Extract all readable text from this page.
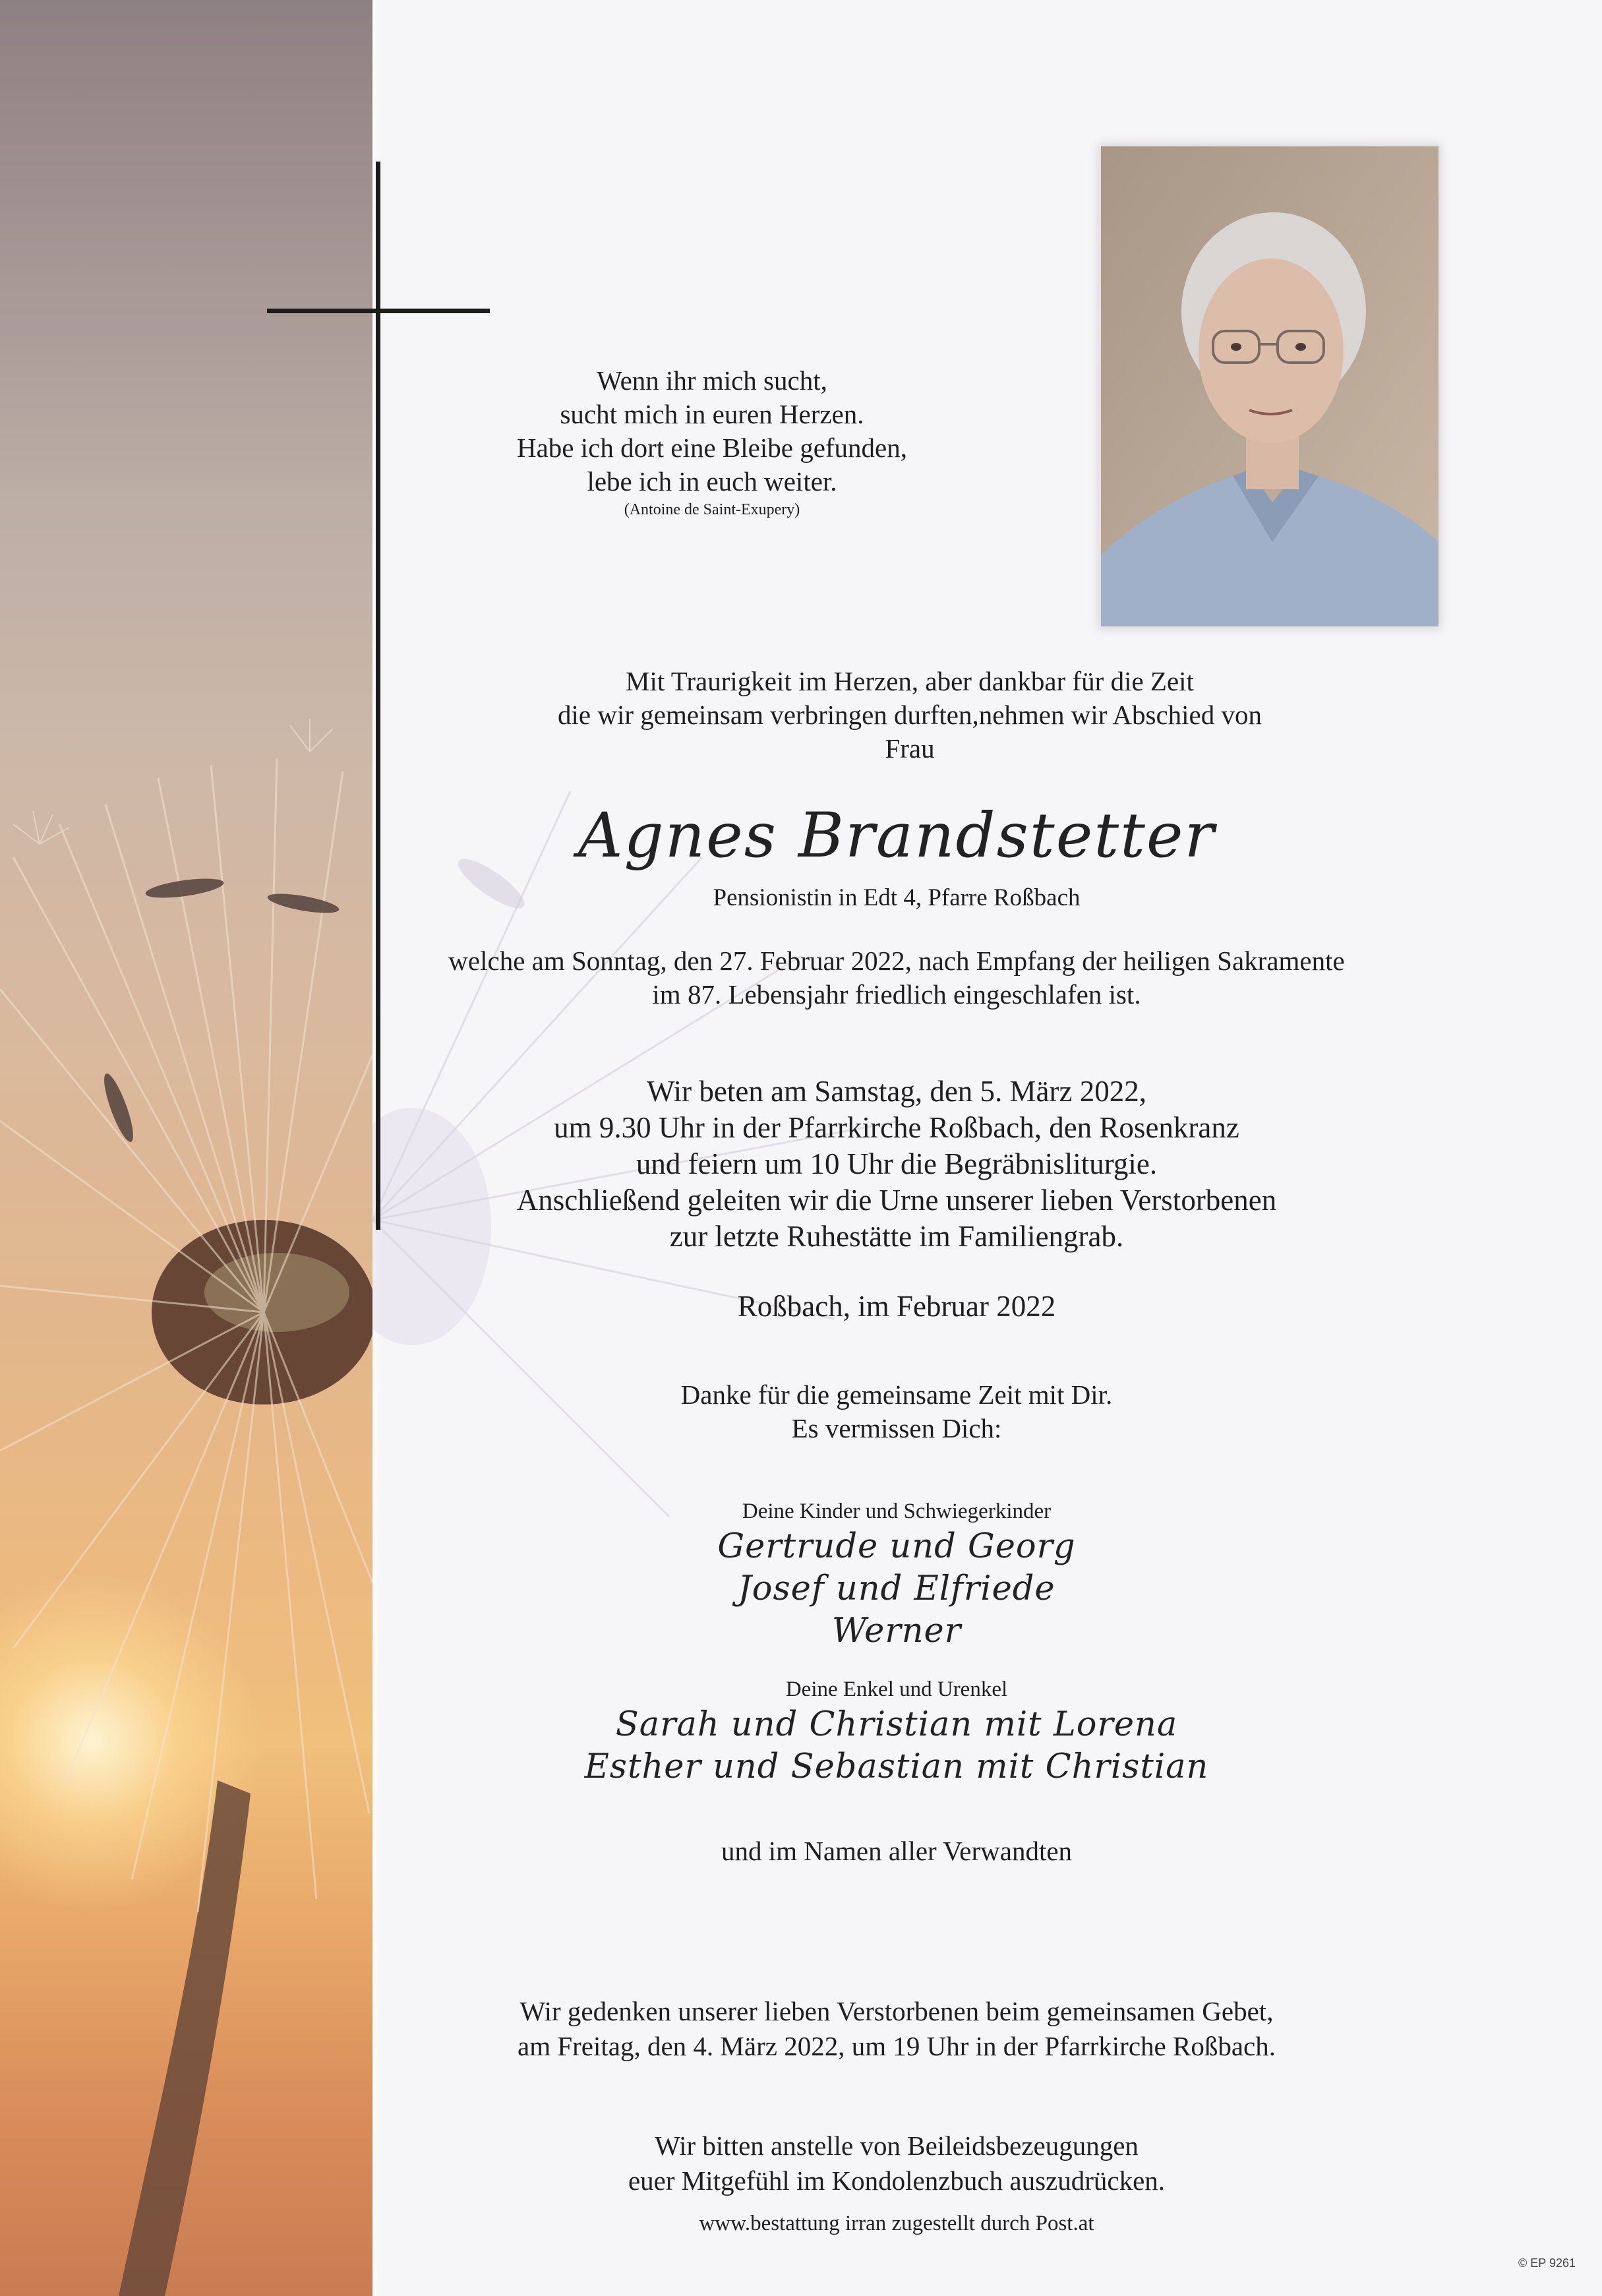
Wenn ihr mich sucht,
sucht mich in euren Herzen.
Habe ich dort eine Bleibe gefunden,
lebe ich in euch weiter.
(Antoine de Saint-Exupery)
Mit Traurigkeit im Herzen, aber dankbar für die Zeit
die wir gemeinsam verbringen durften,nehmen wir Abschied von
Frau
Agnes Brandstetter
Pensionistin in Edt 4, Pfarre Roßbach
welche am Sonntag, den 27. Februar 2022, nach Empfang der heiligen Sakramente
im 87. Lebensjahr friedlich eingeschlafen ist.
Wir beten am Samstag, den 5. März 2022,
um 9.30 Uhr in der Pfarrkirche Roßbach, den Rosenkranz
und feiern um 10 Uhr die Begräbnisliturgie.
Anschließend geleiten wir die Urne unserer lieben Verstorbenen
zur letzte Ruhestätte im Familiengrab.
Roßbach, im Februar 2022
Danke für die gemeinsame Zeit mit Dir.
Es vermissen Dich:
Deine Kinder und Schwiegerkinder
Gertrude und Georg
Josef und Elfriede
Werner
Deine Enkel und Urenkel
Sarah und Christian mit Lorena
Esther und Sebastian mit Christian
und im Namen aller Verwandten
Wir gedenken unserer lieben Verstorbenen beim gemeinsamen Gebet,
am Freitag, den 4. März 2022, um 19 Uhr in der Pfarrkirche Roßbach.
Wir bitten anstelle von Beileidsbezeugungen
euer Mitgefühl im Kondolenzbuch auszudrücken.
www.bestattung irran zugestellt durch Post.at
© EP 9261
